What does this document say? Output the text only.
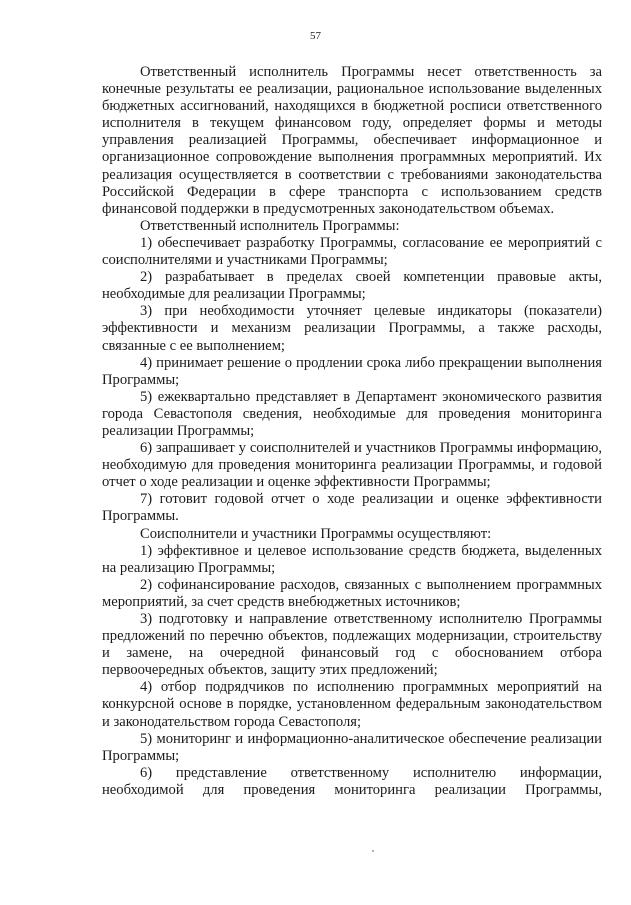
57

Ответственный исполнитель Программы несет ответственность за конечные результаты ее реализации, рациональное использование выделенных бюджетных ассигнований, находящихся в бюджетной росписи ответственного исполнителя в текущем финансовом году, определяет формы и методы управления реализацией Программы, обеспечивает информационное и организационное сопровождение выполнения программных мероприятий. Их реализация осуществляется в соответствии с требованиями законодательства Российской Федерации в сфере транспорта с использованием средств финансовой поддержки в предусмотренных законодательством объемах.

Ответственный исполнитель Программы:

1) обеспечивает разработку Программы, согласование ее мероприятий с соисполнителями и участниками Программы;

2) разрабатывает в пределах своей компетенции правовые акты, необходимые для реализации Программы;

3) при необходимости уточняет целевые индикаторы (показатели) эффективности и механизм реализации Программы, а также расходы, связанные с ее выполнением;

4) принимает решение о продлении срока либо прекращении выполнения Программы;

5) ежеквартально представляет в Департамент экономического развития города Севастополя сведения, необходимые для проведения мониторинга реализации Программы;

6) запрашивает у соисполнителей и участников Программы информацию, необходимую для проведения мониторинга реализации Программы, и годовой отчет о ходе реализации и оценке эффективности Программы;

7) готовит годовой отчет о ходе реализации и оценке эффективности Программы.

Соисполнители и участники Программы осуществляют:

1) эффективное и целевое использование средств бюджета, выделенных на реализацию Программы;

2) софинансирование расходов, связанных с выполнением программных мероприятий, за счет средств внебюджетных источников;

3) подготовку и направление ответственному исполнителю Программы предложений по перечню объектов, подлежащих модернизации, строительству и замене, на очередной финансовый год с обоснованием отбора первоочередных объектов, защиту этих предложений;

4) отбор подрядчиков по исполнению программных мероприятий на конкурсной основе в порядке, установленном федеральным законодательством и законодательством города Севастополя;

5) мониторинг и информационно-аналитическое обеспечение реализации Программы;

6) представление ответственному исполнителю информации, необходимой для проведения мониторинга реализации Программы,
